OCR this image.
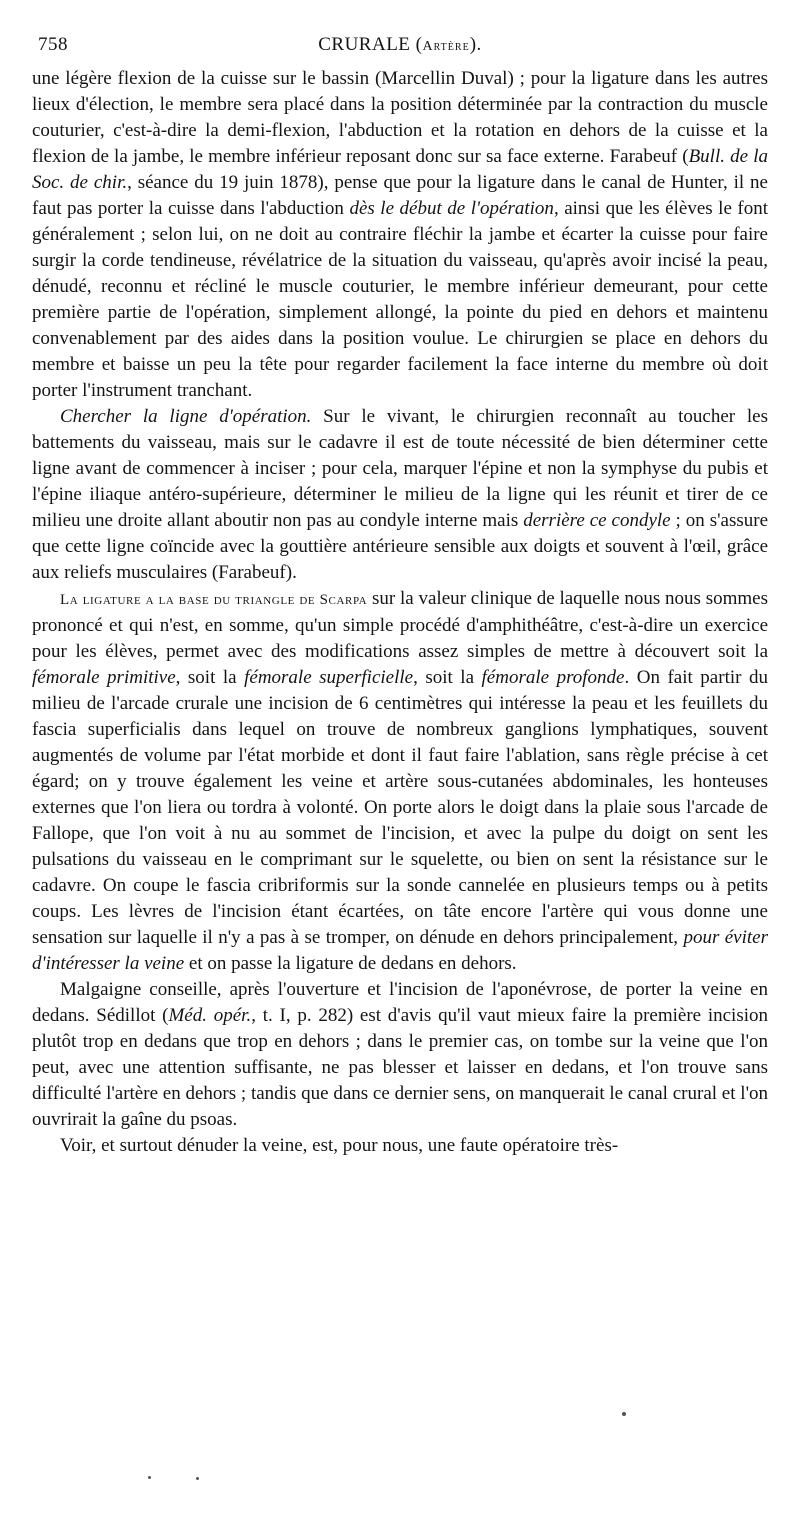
758	CRURALE (Artère).

une légère flexion de la cuisse sur le bassin (Marcellin Duval) ; pour la ligature dans les autres lieux d'élection, le membre sera placé dans la position déterminée par la contraction du muscle couturier, c'est-à-dire la demi-flexion, l'abduction et la rotation en dehors de la cuisse et la flexion de la jambe, le membre inférieur reposant donc sur sa face externe. Farabeuf (Bull. de la Soc. de chir., séance du 19 juin 1878), pense que pour la ligature dans le canal de Hunter, il ne faut pas porter la cuisse dans l'abduction dès le début de l'opération, ainsi que les élèves le font généralement ; selon lui, on ne doit au contraire fléchir la jambe et écarter la cuisse pour faire surgir la corde tendineuse, révélatrice de la situation du vaisseau, qu'après avoir incisé la peau, dénudé, reconnu et récliné le muscle couturier, le membre inférieur demeurant, pour cette première partie de l'opération, simplement allongé, la pointe du pied en dehors et maintenu convenablement par des aides dans la position voulue. Le chirurgien se place en dehors du membre et baisse un peu la tête pour regarder facilement la face interne du membre où doit porter l'instrument tranchant.

Chercher la ligne d'opération. Sur le vivant, le chirurgien reconnaît au toucher les battements du vaisseau, mais sur le cadavre il est de toute nécessité de bien déterminer cette ligne avant de commencer à inciser ; pour cela, marquer l'épine et non la symphyse du pubis et l'épine iliaque antéro-supérieure, déterminer le milieu de la ligne qui les réunit et tirer de ce milieu une droite allant aboutir non pas au condyle interne mais derrière ce condyle ; on s'assure que cette ligne coïncide avec la gouttière antérieure sensible aux doigts et souvent à l'œil, grâce aux reliefs musculaires (Farabeuf).

La ligature a la base du triangle de Scarpa sur la valeur clinique de laquelle nous nous sommes prononcé et qui n'est, en somme, qu'un simple procédé d'amphithéâtre, c'est-à-dire un exercice pour les élèves, permet avec des modifications assez simples de mettre à découvert soit la fémorale primitive, soit la fémorale superficielle, soit la fémorale profonde. On fait partir du milieu de l'arcade crurale une incision de 6 centimètres qui intéresse la peau et les feuillets du fascia superficialis dans lequel on trouve de nombreux ganglions lymphatiques, souvent augmentés de volume par l'état morbide et dont il faut faire l'ablation, sans règle précise à cet égard; on y trouve également les veine et artère sous-cutanées abdominales, les honteuses externes que l'on liera ou tordra à volonté. On porte alors le doigt dans la plaie sous l'arcade de Fallope, que l'on voit à nu au sommet de l'incision, et avec la pulpe du doigt on sent les pulsations du vaisseau en le comprimant sur le squelette, ou bien on sent la résistance sur le cadavre. On coupe le fascia cribriformis sur la sonde cannelée en plusieurs temps ou à petits coups. Les lèvres de l'incision étant écartées, on tâte encore l'artère qui vous donne une sensation sur laquelle il n'y a pas à se tromper, on dénude en dehors principalement, pour éviter d'intéresser la veine et on passe la ligature de dedans en dehors.

Malgaigne conseille, après l'ouverture et l'incision de l'aponévrose, de porter la veine en dedans. Sédillot (Méd. opér., t. I, p. 282) est d'avis qu'il vaut mieux faire la première incision plutôt trop en dedans que trop en dehors ; dans le premier cas, on tombe sur la veine que l'on peut, avec une attention suffisante, ne pas blesser et laisser en dedans, et l'on trouve sans difficulté l'artère en dehors ; tandis que dans ce dernier sens, on manquerait le canal crural et l'on ouvrirait la gaîne du psoas.

Voir, et surtout dénuder la veine, est, pour nous, une faute opératoire très-
